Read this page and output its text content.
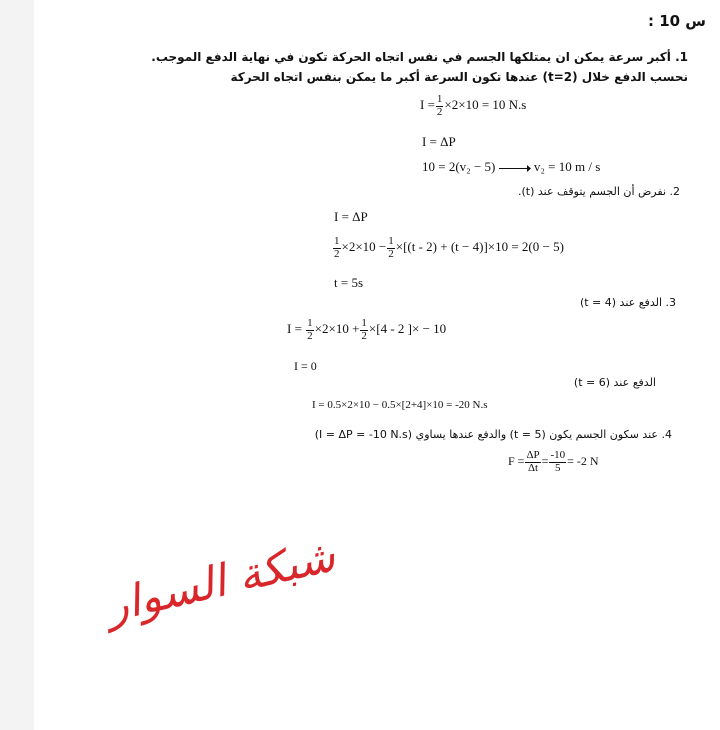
س 10 :
1. أكبر سرعة يمكن ان يمتلكها الجسم في نفس اتجاه الحركة تكون في نهاية الدفع الموجب.
نحسب الدفع خلال (t=2) عندها تكون السرعة أكبر ما يمكن بنفس اتجاه الحركة
$I = \frac{1}{2} \times 2\times 10 = 10$ N.s
I = ΔP
10 = 2(v₂ − 5)	v₂ = 10 m / s
2. نفرض أن الجسم يتوقف عند (t).
I = ΔP
$\frac{1}{2} \times 2\times 10 - \frac{1}{2} \times[(t - 2) + (t - 4)]\times 10 = 2(0 - 5)$
t = 5s
3. الدفع عند (t = 4)
$I = \frac{1}{2} \times 2\times 10 + \frac{1}{2} \times[4 - 2$ ]× − 10
I = 0
الدفع عند (t = 6)
I = 0.5×2×10 − 0.5×[2+4]×10 = -20 N.s
4. عند سكون الجسم يكون (t = 5) والدفع عندها يساوي (I = ΔP = -10 N.s)
$F = \frac{\Delta P}{\Delta t} = \frac{-10}{5} = -2$ N
شبكة السوار
